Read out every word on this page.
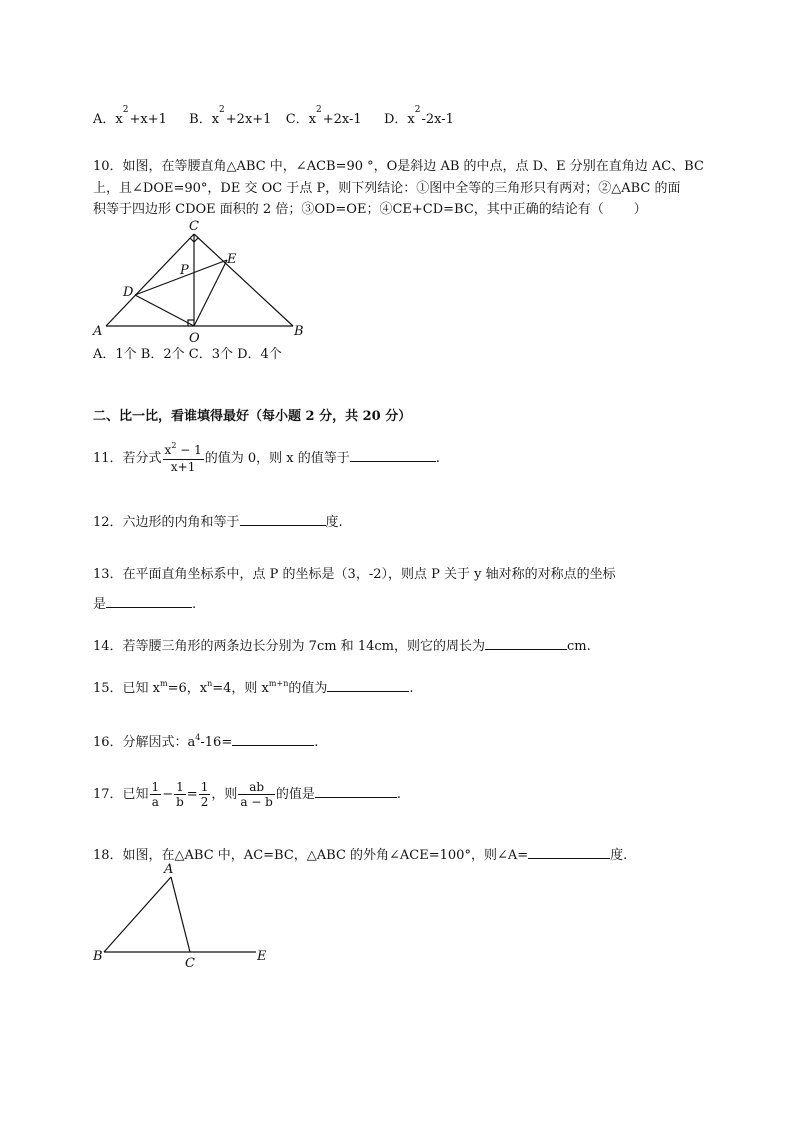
A．$x^2+x+1$ B．$x^2+2x+1$ C．$x^2+2x-1$ D．$x^2-2x-1$
10．如图，在等腰直角△ABC 中，∠ACB=90 °，O是斜边 AB 的中点，点 D、E 分别在直角边 AC、BC
上，且∠DOE=90°，DE 交 OC 于点 P，则下列结论：①图中全等的三角形只有两对；②△ABC 的面
积等于四边形 CDOE 面积的 2 倍；③OD=OE；④CE+CD=BC，其中正确的结论有（ ）
C
E
P
D
A	O	B
A．1个 B．2个 C．3个 D．4个
二、比一比，看谁填得最好（每小题 2 分，共 20 分）
11．若分式 $\frac{x^2 - 1}{x+1}$ 的值为 0，则 x 的值等于	.
12．六边形的内角和等于	度.
13．在平面直角坐标系中，点 P 的坐标是（3，-2），则点 P 关于 y 轴对称的对称点的坐标
是	.
14．若等腰三角形的两条边长分别为 7cm 和 14cm，则它的周长为	cm.
15．已知 $x^m=6$，$x^n=4$，则 $x^{m+n}$的值为	.
16．分解因式：$a^4-16=$	.
17．已知 $\frac{1}{a} - \frac{1}{b} = \frac{1}{2}$ ，则 $\frac{ab}{a - b}$ 的值是	.
18．如图，在△ABC 中，AC=BC，△ABC 的外角∠ACE=100°，则∠A=	度.
A
B	C	E
